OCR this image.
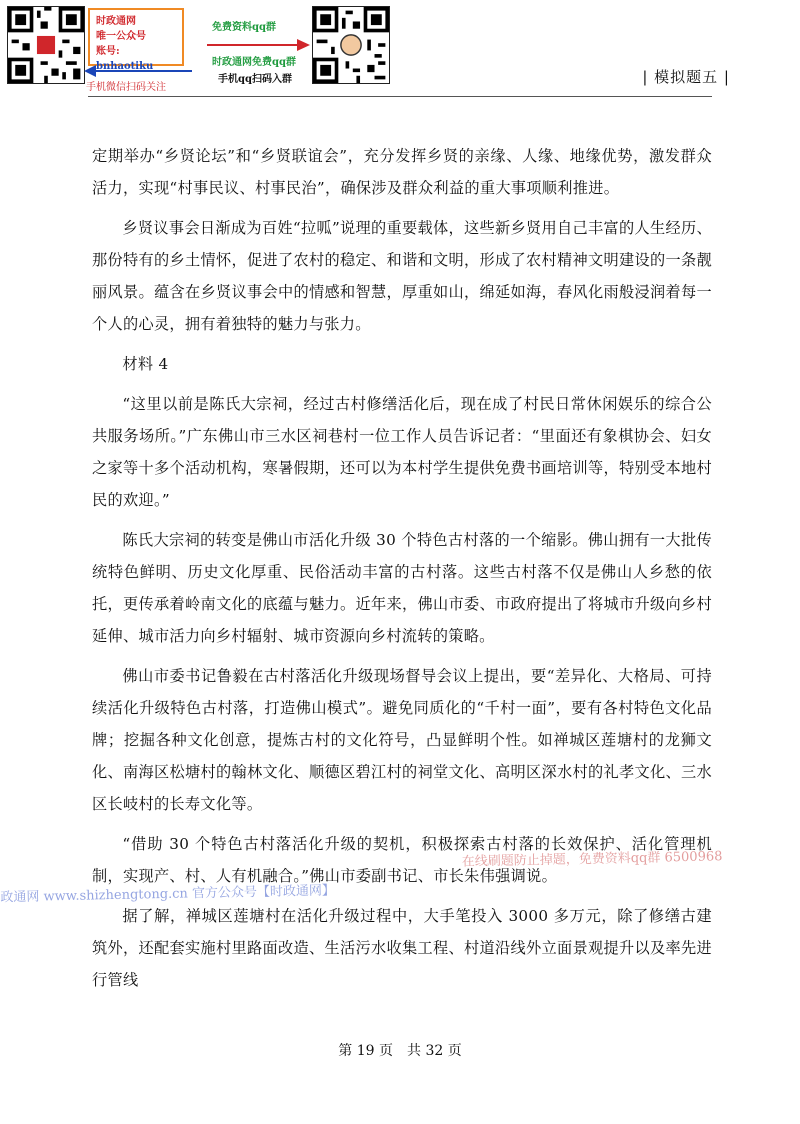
时政通网
唯一公众号
账号: bnhaotiku
手机微信扫码关注
免费资料qq群
时政通网免费qq群
手机qq扫码入群	| 模拟题五 |

定期举办“乡贤论坛”和“乡贤联谊会”，充分发挥乡贤的亲缘、人缘、地缘优势，激发群众活力，实现“村事民议、村事民治”，确保涉及群众利益的重大事项顺利推进。

乡贤议事会日渐成为百姓“拉呱”说理的重要载体，这些新乡贤用自己丰富的人生经历、那份特有的乡土情怀，促进了农村的稳定、和谐和文明，形成了农村精神文明建设的一条靓丽风景。蕴含在乡贤议事会中的情感和智慧，厚重如山，绵延如海，春风化雨般浸润着每一个人的心灵，拥有着独特的魅力与张力。

材料 4

“这里以前是陈氏大宗祠，经过古村修缮活化后，现在成了村民日常休闲娱乐的综合公共服务场所。”广东佛山市三水区祠巷村一位工作人员告诉记者：“里面还有象棋协会、妇女之家等十多个活动机构，寒暑假期，还可以为本村学生提供免费书画培训等，特别受本地村民的欢迎。”

陈氏大宗祠的转变是佛山市活化升级 30 个特色古村落的一个缩影。佛山拥有一大批传统特色鲜明、历史文化厚重、民俗活动丰富的古村落。这些古村落不仅是佛山人乡愁的依托，更传承着岭南文化的底蕴与魅力。近年来，佛山市委、市政府提出了将城市升级向乡村延伸、城市活力向乡村辐射、城市资源向乡村流转的策略。

佛山市委书记鲁毅在古村落活化升级现场督导会议上提出，要“差异化、大格局、可持续活化升级特色古村落，打造佛山模式”。避免同质化的“千村一面”，要有各村特色文化品牌；挖掘各种文化创意，提炼古村的文化符号，凸显鲜明个性。如禅城区莲塘村的龙狮文化、南海区松塘村的翰林文化、顺德区碧江村的祠堂文化、高明区深水村的礼孝文化、三水区长岐村的长寿文化等。

“借助 30 个特色古村落活化升级的契机，积极探索古村落的长效保护、活化管理机制，实现产、村、人有机融合。”佛山市委副书记、市长朱伟强调说。

据了解，禅城区莲塘村在活化升级过程中，大手笔投入 3000 多万元，除了修缮古建筑外，还配套实施村里路面改造、生活污水收集工程、村道沿线外立面景观提升以及率先进行管线

在线刷题防止掉题，免费资料qq群 6500968
政通网 www.shizhengtong.cn 官方公众号【时政通网】
第 19 页　共 32 页
